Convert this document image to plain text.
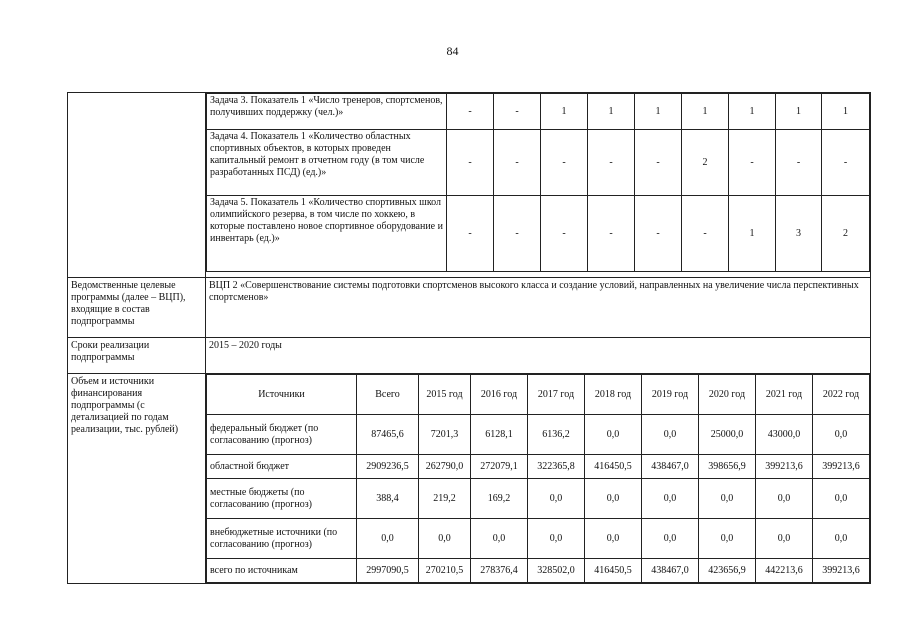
84

Задача 3. Показатель 1 «Число тренеров, спортсменов, получивших поддержку (чел.)»	-	-	1	1	1	1	1	1	1
Задача 4. Показатель 1 «Количество областных спортивных объектов, в которых проведен капитальный ремонт в отчетном году (в том числе разработанных ПСД) (ед.)»	-	-	-	-	-	2	-	-	-
Задача 5. Показатель 1 «Количество спортивных школ олимпийского резерва, в том числе по хоккею, в которые поставлено новое спортивное оборудование и инвентарь (ед.)»	-	-	-	-	-	-	1	3	2

Ведомственные целевые программы (далее – ВЦП), входящие в состав подпрограммы	ВЦП 2 «Совершенствование системы подготовки спортсменов высокого класса и создание условий, направленных на увеличение числа перспективных спортсменов»
Сроки реализации подпрограммы	2015 – 2020 годы
Объем и источники финансирования подпрограммы (с детализацией по годам реализации, тыс. рублей)	
Источники	Всего	2015 год	2016 год	2017 год	2018 год	2019 год	2020 год	2021 год	2022 год
федеральный бюджет (по согласованию (прогноз)	87465,6	7201,3	6128,1	6136,2	0,0	0,0	25000,0	43000,0	0,0
областной бюджет	2909236,5	262790,0	272079,1	322365,8	416450,5	438467,0	398656,9	399213,6	399213,6
местные бюджеты (по согласованию (прогноз)	388,4	219,2	169,2	0,0	0,0	0,0	0,0	0,0	0,0
внебюджетные источники (по согласованию (прогноз)	0,0	0,0	0,0	0,0	0,0	0,0	0,0	0,0	0,0
всего по источникам	2997090,5	270210,5	278376,4	328502,0	416450,5	438467,0	423656,9	442213,6	399213,6
